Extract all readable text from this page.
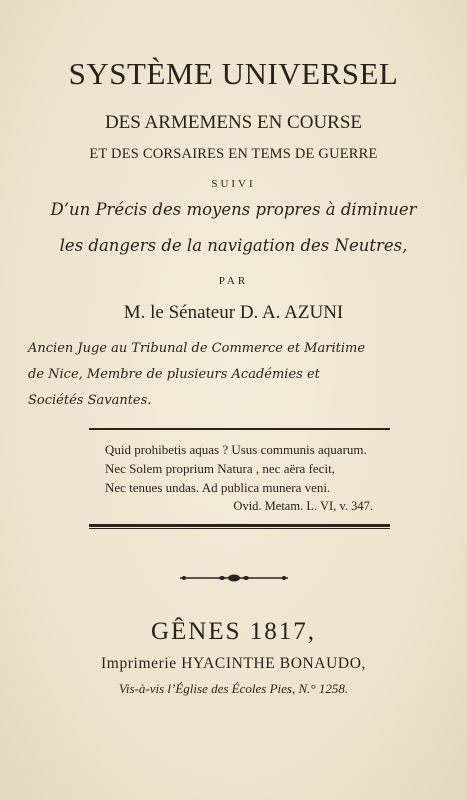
SYSTÈME UNIVERSEL
DES ARMEMENS EN COURSE
ET DES CORSAIRES EN TEMS DE GUERRE
SUIVI
D’un Précis des moyens propres à diminuer
les dangers de la navigation des Neutres,
PAR
M. le Sénateur D. A. AZUNI
Ancien Juge au Tribunal de Commerce et Maritime
de Nice, Membre de plusieurs Académies et
Sociétés Savantes.
Quid prohibetis aquas ? Usus communis aquarum.
Nec Solem proprium Natura , nec aëra fecit,
Nec tenues undas. Ad publica munera veni.
Ovid. Metam. L. VI, v. 347.
GÊNES 1817,
Imprimerie HYACINTHE BONAUDO,
Vis-à-vis l’Église des Écoles Pies, N.° 1258.
